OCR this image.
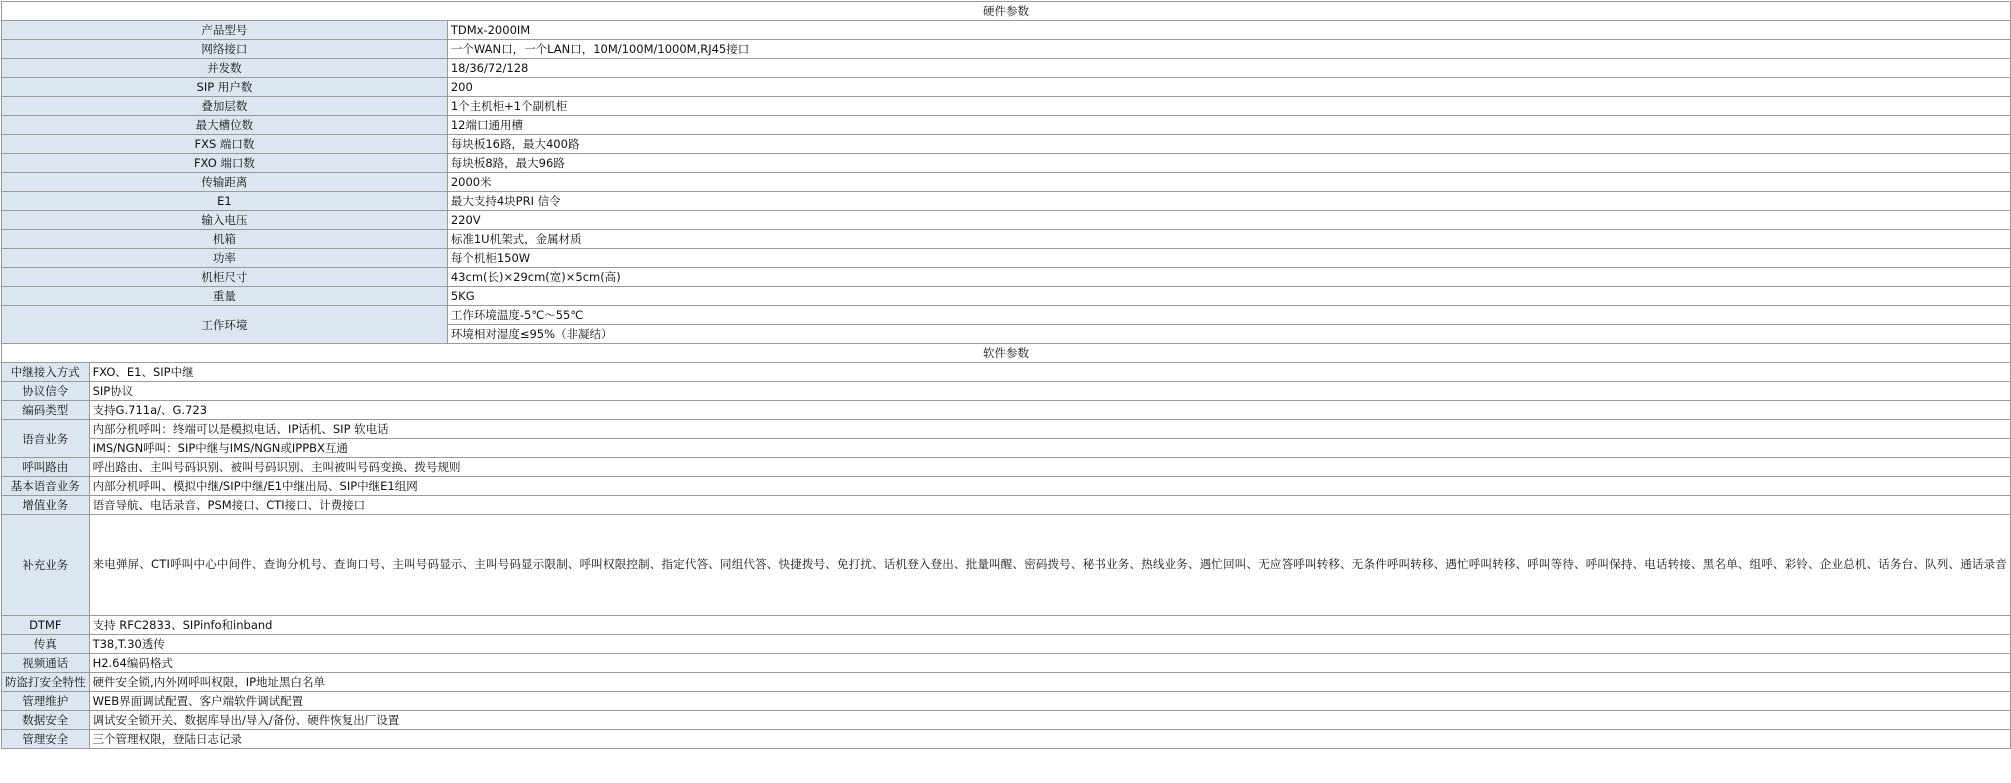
硬件参数		
产品型号		TDMx-2000IM
网络接口		一个WAN口，一个LAN口，10M/100M/1000M,RJ45接口
并发数		18/36/72/128
SIP 用户数		200
叠加层数		1个主机柜+1个副机柜
最大槽位数		12端口通用槽
FXS 端口数		每块板16路，最大400路
FXO 端口数		每块板8路，最大96路
传输距离		2000米
E1		最大支持4块PRI 信令
输入电压		220V
机箱		标准1U机架式，金属材质
功率		每个机柜150W
机柜尺寸		43cm(长)×29cm(宽)×5cm(高)
重量		5KG
工作环境		工作环境温度-5℃～55℃
		环境相对湿度≤95%（非凝结）
软件参数		
中继接入方式	FXO、E1、SIP中继	
协议信令	SIP协议	
编码类型	支持G.711a/、G.723	
语音业务	内部分机呼叫：终端可以是模拟电话、IP话机、SIP 软电话	
	IMS/NGN呼叫：SIP中继与IMS/NGN或IPPBX互通	
呼叫路由	呼出路由、主叫号码识别、被叫号码识别、主叫被叫号码变换、拨号规则	
基本语音业务	内部分机呼叫、模拟中继/SIP中继/E1中继出局、SIP中继E1组网	
增值业务	语音导航、电话录音、PSM接口、CTI接口、计费接口	
补充业务	来电弹屏、CTI呼叫中心中间件、查询分机号、查询口号、主叫号码显示、主叫号码显示限制、呼叫权限控制、指定代答、同组代答、快捷拨号、免打扰、话机登入登出、批量叫醒、密码拨号、秘书业务、热线业务、遇忙回叫、无应答呼叫转移、无条件呼叫转移、遇忙呼叫转移、呼叫等待、呼叫保持、电话转接、黑名单、组呼、彩铃、企业总机、话务台、队列、通话录音	
DTMF	支持 RFC2833、SIPinfo和inband	
传真	T38,T.30透传	
视频通话	H2.64编码格式	
防盗打安全特性	硬件安全锁,内外网呼叫权限，IP地址黑白名单	
管理维护	WEB界面调试配置、客户端软件调试配置	
数据安全	调试安全锁开关、数据库导出/导入/备份、硬件恢复出厂设置	
管理安全	三个管理权限，登陆日志记录	
